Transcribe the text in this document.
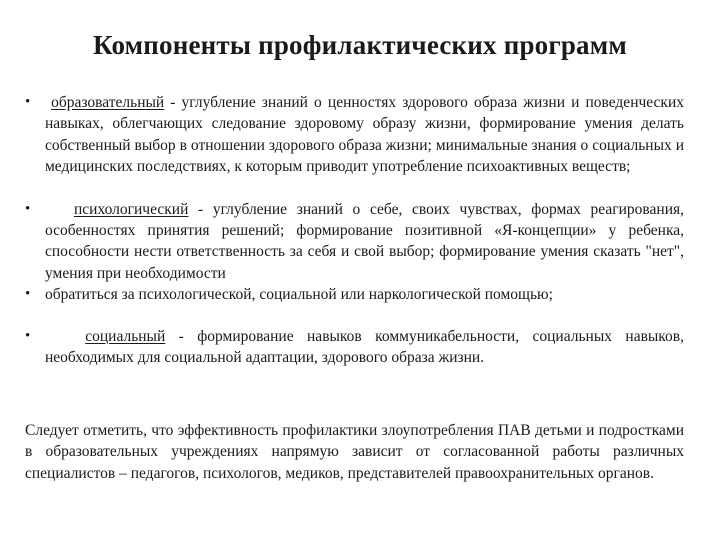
Компоненты профилактических программ
• образовательный - углубление знаний о ценностях здорового образа жизни и поведенческих навыках, облегчающих следование здоровому образу жизни, формирование умения делать собственный выбор в отношении здорового образа жизни; минимальные знания о социальных и медицинских последствиях, к которым приводит употребление психоактивных веществ;
•	психологический - углубление знаний о себе, своих чувствах, формах реагирования, особенностях принятия решений; формирование позитивной «Я-концепции» у ребенка, способности нести ответственность за себя и свой выбор; формирование умения сказать "нет", умения при необходимости
• обратиться за психологической, социальной или наркологической помощью;
•	социальный - формирование навыков коммуникабельности, социальных навыков, необходимых для социальной адаптации, здорового образа жизни.

Следует отметить, что эффективность профилактики злоупотребления ПАВ детьми и подростками в образовательных учреждениях напрямую зависит от согласованной работы различных специалистов – педагогов, психологов, медиков, представителей правоохранительных органов.
